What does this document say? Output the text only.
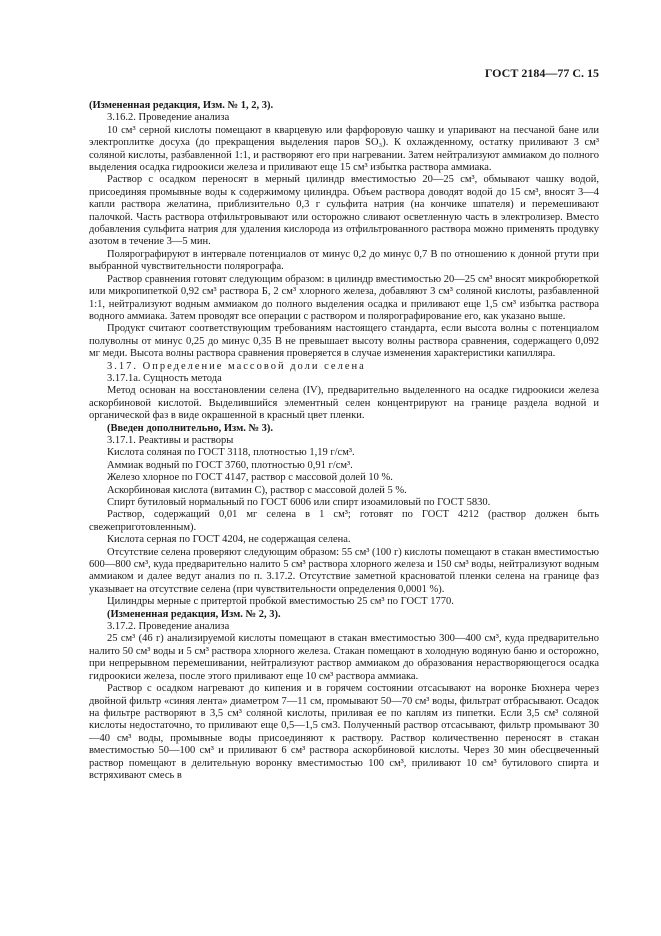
ГОСТ 2184—77 С. 15

(Измененная редакция, Изм. № 1, 2, 3).

3.16.2. Проведение анализа

10 см³ серной кислоты помещают в кварцевую или фарфоровую чашку и упаривают на песчаной бане или электроплитке досуха (до прекращения выделения паров SO₃). К охлажденному, остатку приливают 3 см³ соляной кислоты, разбавленной 1:1, и растворяют его при нагревании. Затем нейтрализуют аммиаком до полного выделения осадка гидроокиси железа и приливают еще 15 см³ избытка раствора аммиака.

Раствор с осадком переносят в мерный цилиндр вместимостью 20—25 см³, обмывают чашку водой, присоединяя промывные воды к содержимому цилиндра. Объем раствора доводят водой до 15 см³, вносят 3—4 капли раствора желатина, приблизительно 0,3 г сульфита натрия (на кончике шпателя) и перемешивают палочкой. Часть раствора отфильтровывают или осторожно сливают осветленную часть в электролизер. Вместо добавления сульфита натрия для удаления кислорода из отфильтрованного раствора можно применять продувку азотом в течение 3—5 мин.

Полярографируют в интервале потенциалов от минус 0,2 до минус 0,7 В по отношению к донной ртути при выбранной чувствительности полярографа.

Раствор сравнения готовят следующим образом: в цилиндр вместимостью 20—25 см³ вносят микробюреткой или микропипеткой 0,92 см³ раствора Б, 2 см³ хлорного железа, добавляют 3 см³ соляной кислоты, разбавленной 1:1, нейтрализуют водным аммиаком до полного выделения осадка и приливают еще 1,5 см³ избытка раствора водного аммиака. Затем проводят все операции с раствором и полярографирование его, как указано выше.

Продукт считают соответствующим требованиям настоящего стандарта, если высота волны с потенциалом полуволны от минус 0,25 до минус 0,35 В не превышает высоту волны раствора сравнения, содержащего 0,092 мг меди. Высота волны раствора сравнения проверяется в случае изменения характеристики капилляра.

3.17. Определение массовой доли селена

3.17.1а. Сущность метода

Метод основан на восстановлении селена (IV), предварительно выделенного на осадке гидроокиси железа аскорбиновой кислотой. Выделившийся элементный селен концентрируют на границе раздела водной и органической фаз в виде окрашенной в красный цвет пленки.

(Введен дополнительно, Изм. № 3).

3.17.1. Реактивы и растворы

Кислота соляная по ГОСТ 3118, плотностью 1,19 г/см³.

Аммиак водный по ГОСТ 3760, плотностью 0,91 г/см³.

Железо хлорное по ГОСТ 4147, раствор с массовой долей 10 %.

Аскорбиновая кислота (витамин С), раствор с массовой долей 5 %.

Спирт бутиловый нормальный по ГОСТ 6006 или спирт изоамиловый по ГОСТ 5830.

Раствор, содержащий 0,01 мг селена в 1 см³; готовят по ГОСТ 4212 (раствор должен быть свежеприготовленным).

Кислота серная по ГОСТ 4204, не содержащая селена.

Отсутствие селена проверяют следующим образом: 55 см³ (100 г) кислоты помещают в стакан вместимостью 600—800 см³, куда предварительно налито 5 см³ раствора хлорного железа и 150 см³ воды, нейтрализуют водным аммиаком и далее ведут анализ по п. 3.17.2. Отсутствие заметной красноватой пленки селена на границе фаз указывает на отсутствие селена (при чувствительности определения 0,0001 %).

Цилиндры мерные с притертой пробкой вместимостью 25 см³ по ГОСТ 1770.

(Измененная редакция, Изм. № 2, 3).

3.17.2. Проведение анализа

25 см³ (46 г) анализируемой кислоты помещают в стакан вместимостью 300—400 см³, куда предварительно налито 50 см³ воды и 5 см³ раствора хлорного железа. Стакан помещают в холодную водяную баню и осторожно, при непрерывном перемешивании, нейтрализуют раствор аммиаком до образования нерастворяющегося осадка гидроокиси железа, после этого приливают еще 10 см³ раствора аммиака.

Раствор с осадком нагревают до кипения и в горячем состоянии отсасывают на воронке Бюхнера через двойной фильтр «синяя лента» диаметром 7—11 см, промывают 50—70 см³ воды, фильтрат отбрасывают. Осадок на фильтре растворяют в 3,5 см³ соляной кислоты, приливая ее по каплям из пипетки. Если 3,5 см³ соляной кислоты недостаточно, то приливают еще 0,5—1,5 см3. Полученный раствор отсасывают, фильтр промывают 30—40 см³ воды, промывные воды присоединяют к раствору. Раствор количественно переносят в стакан вместимостью 50—100 см³ и приливают 6 см³ раствора аскорбиновой кислоты. Через 30 мин обесцвеченный раствор помещают в делительную воронку вместимостью 100 см³, приливают 10 см³ бутилового спирта и встряхивают смесь в
